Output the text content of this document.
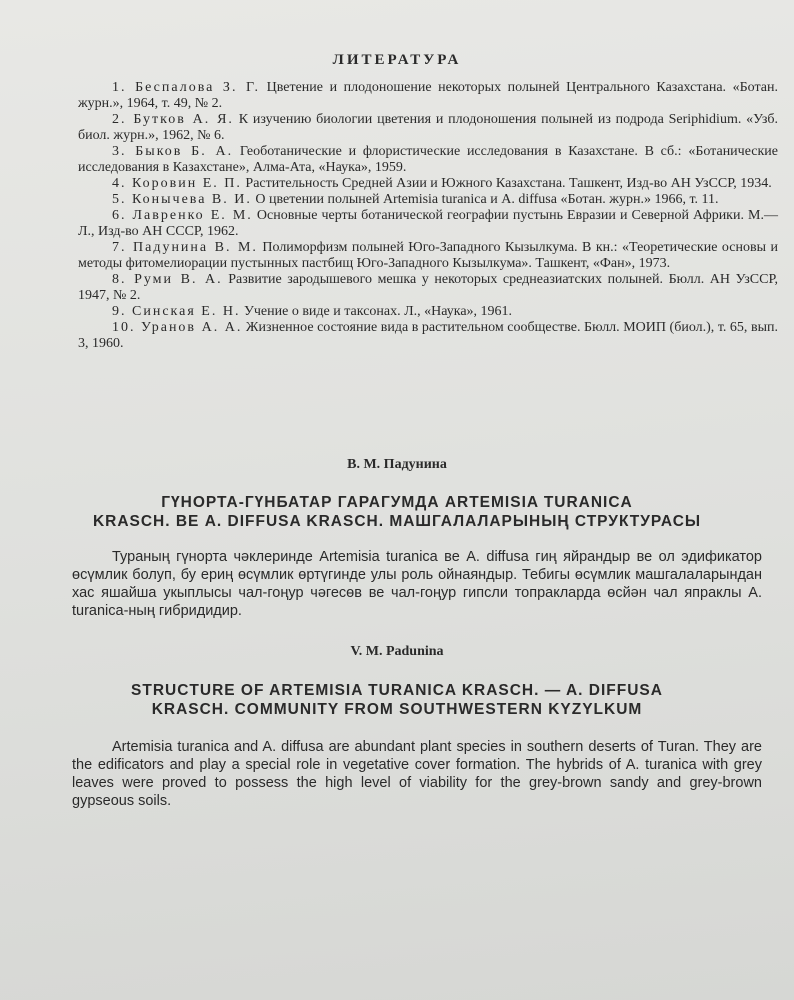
ЛИТЕРАТУРА
1. Беспалова З. Г. Цветение и плодоношение некоторых полыней Центрального Казахстана. «Ботан. журн.», 1964, т. 49, № 2.
2. Бутков А. Я. К изучению биологии цветения и плодоношения полыней из подрода Seriphidium. «Узб. биол. журн.», 1962, № 6.
3. Быков Б. А. Геоботанические и флористические исследования в Казахстане. В сб.: «Ботанические исследования в Казахстане», Алма-Ата, «Наука», 1959.
4. Коровин Е. П. Растительность Средней Азии и Южного Казахстана. Ташкент, Изд-во АН УзССР, 1934.
5. Конычева В. И. О цветении полыней Artemisia turanica и A. diffusa «Ботан. журн.» 1966, т. 11.
6. Лавренко Е. М. Основные черты ботанической географии пустынь Евразии и Северной Африки. М.— Л., Изд-во АН СССР, 1962.
7. Падунина В. М. Полиморфизм полыней Юго-Западного Кызылкума. В кн.: «Теоретические основы и методы фитомелиорации пустынных пастбищ Юго-Западного Кызылкума». Ташкент, «Фан», 1973.
8. Руми В. А. Развитие зародышевого мешка у некоторых среднеазиатских полыней. Бюлл. АН УзССР, 1947, № 2.
9. Синская Е. Н. Учение о виде и таксонах. Л., «Наука», 1961.
10. Уранов А. А. Жизненное состояние вида в растительном сообществе. Бюлл. МОИП (биол.), т. 65, вып. 3, 1960.
В. М. Падунина
ГҮНОРТА-ГҮНБАТАР ГАРАГУМДА ARTEMISIA TURANICA
KRASCH. ВЕ A. DIFFUSA KRASCH. МАШГАЛАЛАРЫНЫҢ СТРУКТУРАСЫ
Тураның гүнорта чәклеринде Artemisia turanica ве A. diffusa гиң яйрандыр ве ол эдификатор өсүмлик болуп, бу ериң өсүмлик өртүгинде улы роль ойнаяндыр. Тебигы өсүмлик машгалаларындан хас яшайша укыплысы чал-гоңур чәгесөв ве чал-гоңур гипсли топракларда өсйән чал япраклы A. turanica-ның гибридидир.
V. M. Padunina
STRUCTURE OF ARTEMISIA TURANICA KRASCH. — A. DIFFUSA
KRASCH. COMMUNITY FROM SOUTHWESTERN KYZYLKUM
Artemisia turanica and A. diffusa are abundant plant species in southern deserts of Turan. They are the edificators and play a special role in vegetative cover formation. The hybrids of A. turanica with grey leaves were proved to possess the high level of viability for the grey-brown sandy and grey-brown gypseous soils.
